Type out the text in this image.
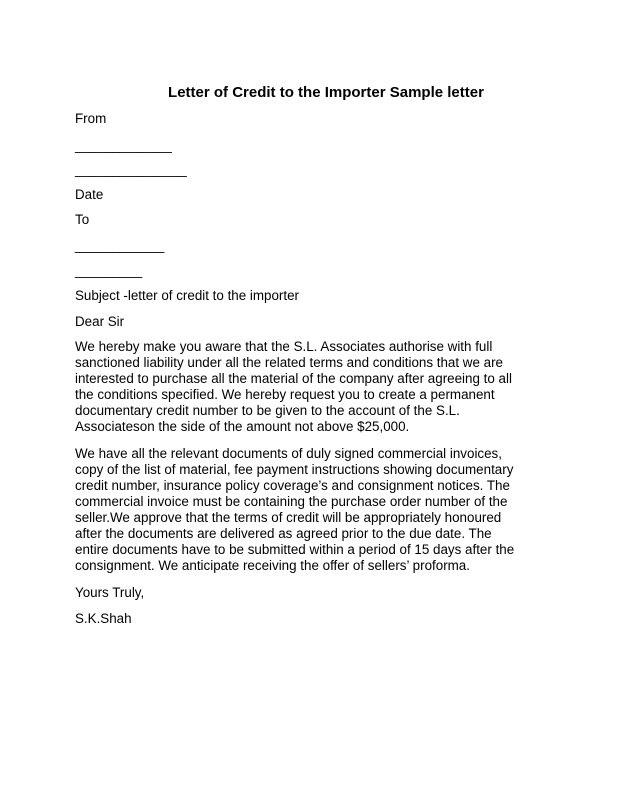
Letter of Credit to the Importer Sample letter
From
_____________
_______________
Date
To
____________
_________
Subject -letter of credit to the importer
Dear Sir
We hereby make you aware that the S.L. Associates authorise with full
sanctioned liability under all the related terms and conditions that we are
interested to purchase all the material of the company after agreeing to all
the conditions specified. We hereby request you to create a permanent
documentary credit number to be given to the account of the S.L.
Associateson the side of the amount not above $25,000.
We have all the relevant documents of duly signed commercial invoices,
copy of the list of material, fee payment instructions showing documentary
credit number, insurance policy coverage’s and consignment notices. The
commercial invoice must be containing the purchase order number of the
seller.We approve that the terms of credit will be appropriately honoured
after the documents are delivered as agreed prior to the due date. The
entire documents have to be submitted within a period of 15 days after the
consignment. We anticipate receiving the offer of sellers’ proforma.
Yours Truly,
S.K.Shah
